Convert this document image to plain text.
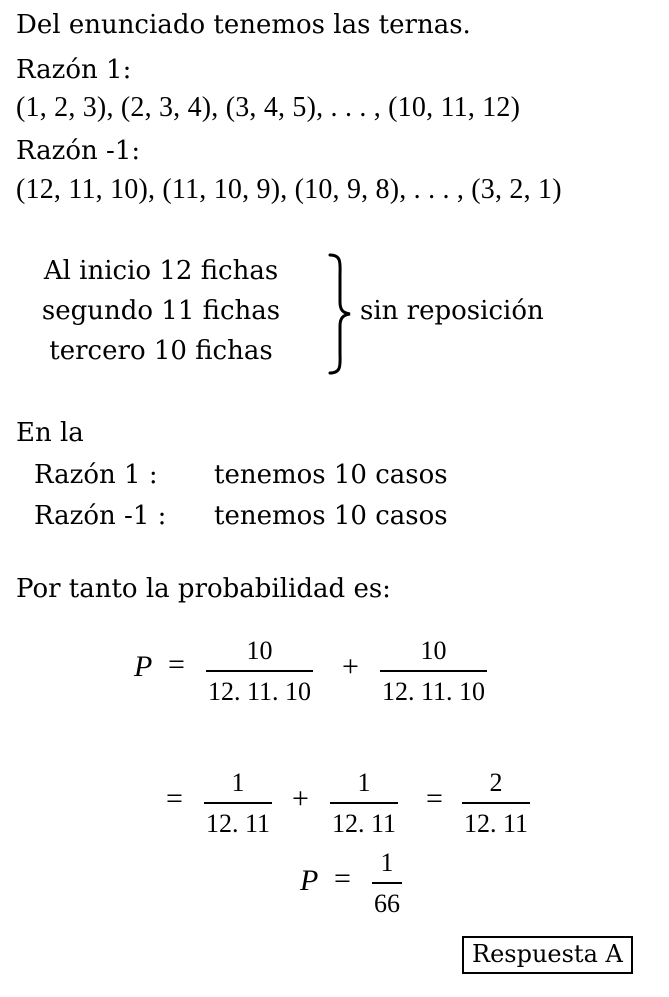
Del enunciado tenemos las ternas.
Razón 1:
(1, 2, 3), (2, 3, 4), (3, 4, 5), . . . , (10, 11, 12)
Razón -1:
(12, 11, 10), (11, 10, 9), (10, 9, 8), . . . , (3, 2, 1)
Al inicio 12 fichas
segundo 11 fichas
tercero 10 fichas
sin reposición
En la
Razón 1 : tenemos 10 casos
Razón -1 : tenemos 10 casos
Por tanto la probabilidad es:
P = 10
12. 11. 10
+ 10
12. 11. 10
= 1
12. 11
+ 1
12. 11
= 2
12. 11
P = 1
66
Respuesta A
